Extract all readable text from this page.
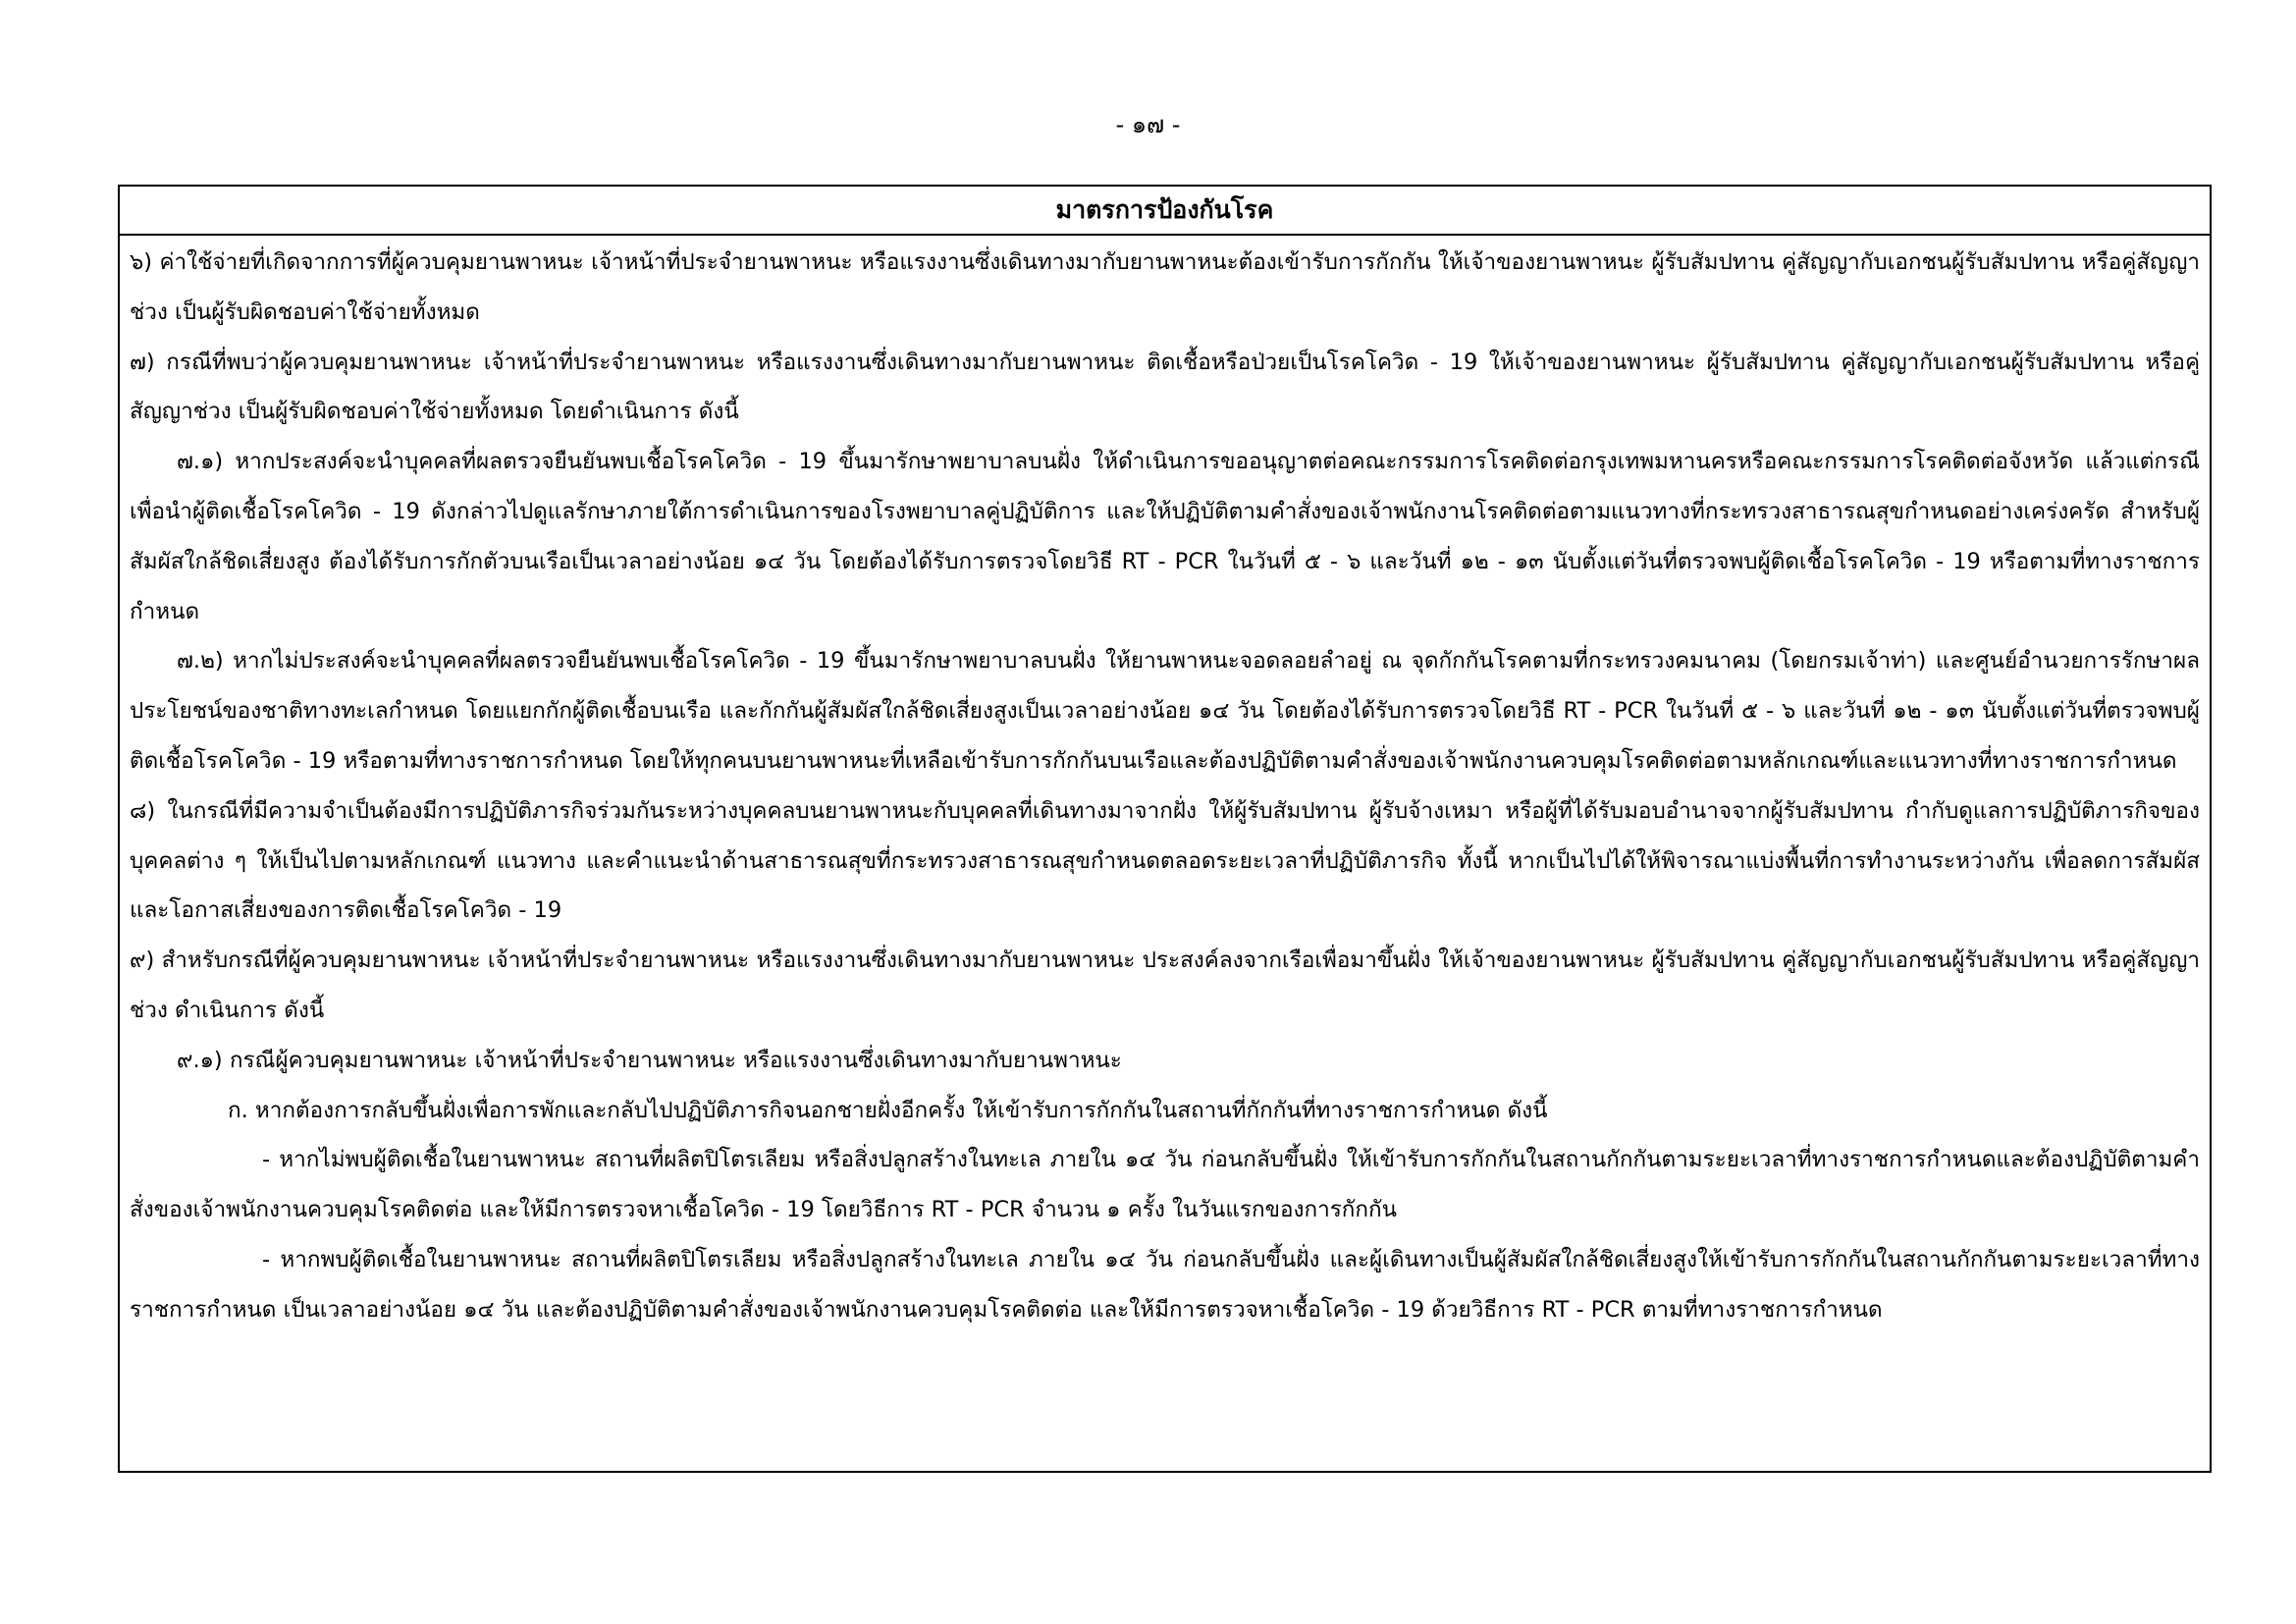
- ๑๗ -
มาตรการป้องกันโรค

๖) ค่าใช้จ่ายที่เกิดจากการที่ผู้ควบคุมยานพาหนะ เจ้าหน้าที่ประจำยานพาหนะ หรือแรงงานซึ่งเดินทางมากับยานพาหนะต้องเข้ารับการกักกัน ให้เจ้าของยานพาหนะ ผู้รับสัมปทาน คู่สัญญากับเอกชนผู้รับสัมปทาน หรือคู่สัญญาช่วง เป็นผู้รับผิดชอบค่าใช้จ่ายทั้งหมด

๗) กรณีที่พบว่าผู้ควบคุมยานพาหนะ เจ้าหน้าที่ประจำยานพาหนะ หรือแรงงานซึ่งเดินทางมากับยานพาหนะ ติดเชื้อหรือป่วยเป็นโรคโควิด - 19 ให้เจ้าของยานพาหนะ ผู้รับสัมปทาน คู่สัญญากับเอกชนผู้รับสัมปทาน หรือคู่สัญญาช่วง เป็นผู้รับผิดชอบค่าใช้จ่ายทั้งหมด โดยดำเนินการ ดังนี้

๗.๑) หากประสงค์จะนำบุคคลที่ผลตรวจยืนยันพบเชื้อโรคโควิด - 19 ขึ้นมารักษาพยาบาลบนฝั่ง ให้ดำเนินการขออนุญาตต่อคณะกรรมการโรคติดต่อกรุงเทพมหานครหรือคณะกรรมการโรคติดต่อจังหวัด แล้วแต่กรณี เพื่อนำผู้ติดเชื้อโรคโควิด - 19 ดังกล่าวไปดูแลรักษาภายใต้การดำเนินการของโรงพยาบาลคู่ปฏิบัติการ และให้ปฏิบัติตามคำสั่งของเจ้าพนักงานโรคติดต่อตามแนวทางที่กระทรวงสาธารณสุขกำหนดอย่างเคร่งครัด สำหรับผู้สัมผัสใกล้ชิดเสี่ยงสูง ต้องได้รับการกักตัวบนเรือเป็นเวลาอย่างน้อย ๑๔ วัน โดยต้องได้รับการตรวจโดยวิธี RT - PCR ในวันที่ ๕ - ๖ และวันที่ ๑๒ - ๑๓ นับตั้งแต่วันที่ตรวจพบผู้ติดเชื้อโรคโควิด - 19 หรือตามที่ทางราชการกำหนด

๗.๒) หากไม่ประสงค์จะนำบุคคลที่ผลตรวจยืนยันพบเชื้อโรคโควิด - 19 ขึ้นมารักษาพยาบาลบนฝั่ง ให้ยานพาหนะจอดลอยลำอยู่ ณ จุดกักกันโรคตามที่กระทรวงคมนาคม (โดยกรมเจ้าท่า) และศูนย์อำนวยการรักษาผลประโยชน์ของชาติทางทะเลกำหนด โดยแยกกักผู้ติดเชื้อบนเรือ และกักกันผู้สัมผัสใกล้ชิดเสี่ยงสูงเป็นเวลาอย่างน้อย ๑๔ วัน โดยต้องได้รับการตรวจโดยวิธี RT - PCR ในวันที่ ๕ - ๖ และวันที่ ๑๒ - ๑๓ นับตั้งแต่วันที่ตรวจพบผู้ติดเชื้อโรคโควิด - 19 หรือตามที่ทางราชการกำหนด โดยให้ทุกคนบนยานพาหนะที่เหลือเข้ารับการกักกันบนเรือและต้องปฏิบัติตามคำสั่งของเจ้าพนักงานควบคุมโรคติดต่อตามหลักเกณฑ์และแนวทางที่ทางราชการกำหนด

๘) ในกรณีที่มีความจำเป็นต้องมีการปฏิบัติภารกิจร่วมกันระหว่างบุคคลบนยานพาหนะกับบุคคลที่เดินทางมาจากฝั่ง ให้ผู้รับสัมปทาน ผู้รับจ้างเหมา หรือผู้ที่ได้รับมอบอำนาจจากผู้รับสัมปทาน กำกับดูแลการปฏิบัติภารกิจของบุคคลต่าง ๆ ให้เป็นไปตามหลักเกณฑ์ แนวทาง และคำแนะนำด้านสาธารณสุขที่กระทรวงสาธารณสุขกำหนดตลอดระยะเวลาที่ปฏิบัติภารกิจ ทั้งนี้ หากเป็นไปได้ให้พิจารณาแบ่งพื้นที่การทำงานระหว่างกัน เพื่อลดการสัมผัสและโอกาสเสี่ยงของการติดเชื้อโรคโควิด - 19

๙) สำหรับกรณีที่ผู้ควบคุมยานพาหนะ เจ้าหน้าที่ประจำยานพาหนะ หรือแรงงานซึ่งเดินทางมากับยานพาหนะ ประสงค์ลงจากเรือเพื่อมาขึ้นฝั่ง ให้เจ้าของยานพาหนะ ผู้รับสัมปทาน คู่สัญญากับเอกชนผู้รับสัมปทาน หรือคู่สัญญาช่วง ดำเนินการ ดังนี้

๙.๑) กรณีผู้ควบคุมยานพาหนะ เจ้าหน้าที่ประจำยานพาหนะ หรือแรงงานซึ่งเดินทางมากับยานพาหนะ

ก. หากต้องการกลับขึ้นฝั่งเพื่อการพักและกลับไปปฏิบัติภารกิจนอกชายฝั่งอีกครั้ง ให้เข้ารับการกักกันในสถานที่กักกันที่ทางราชการกำหนด ดังนี้

- หากไม่พบผู้ติดเชื้อในยานพาหนะ สถานที่ผลิตปิโตรเลียม หรือสิ่งปลูกสร้างในทะเล ภายใน ๑๔ วัน ก่อนกลับขึ้นฝั่ง ให้เข้ารับการกักกันในสถานกักกันตามระยะเวลาที่ทางราชการกำหนดและต้องปฏิบัติตามคำสั่งของเจ้าพนักงานควบคุมโรคติดต่อ และให้มีการตรวจหาเชื้อโควิด - 19 โดยวิธีการ RT - PCR จำนวน ๑ ครั้ง ในวันแรกของการกักกัน

- หากพบผู้ติดเชื้อในยานพาหนะ สถานที่ผลิตปิโตรเลียม หรือสิ่งปลูกสร้างในทะเล ภายใน ๑๔ วัน ก่อนกลับขึ้นฝั่ง และผู้เดินทางเป็นผู้สัมผัสใกล้ชิดเสี่ยงสูงให้เข้ารับการกักกันในสถานกักกันตามระยะเวลาที่ทางราชการกำหนด เป็นเวลาอย่างน้อย ๑๔ วัน และต้องปฏิบัติตามคำสั่งของเจ้าพนักงานควบคุมโรคติดต่อ และให้มีการตรวจหาเชื้อโควิด - 19 ด้วยวิธีการ RT - PCR ตามที่ทางราชการกำหนด
